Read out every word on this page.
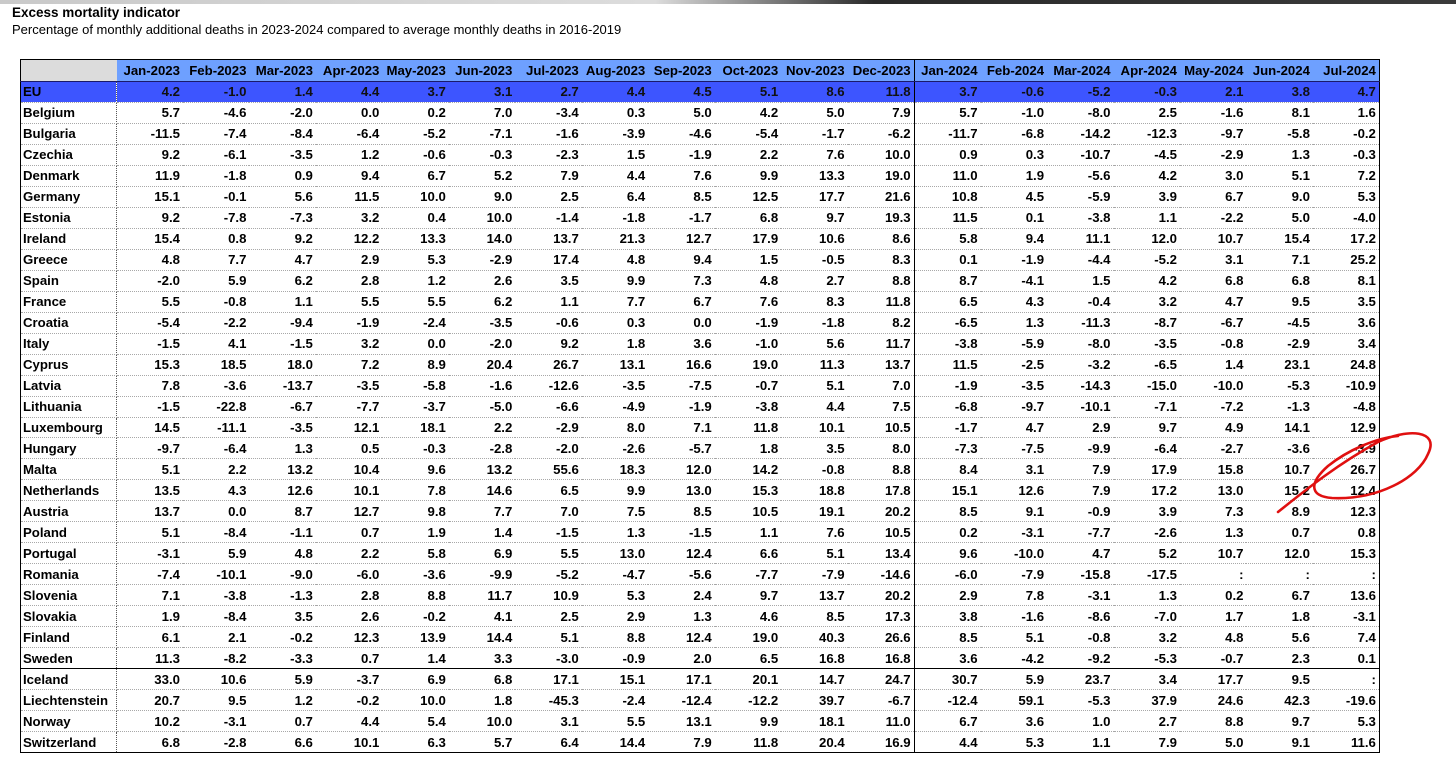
Excess mortality indicator
Percentage of monthly additional deaths in 2023-2024 compared to average monthly deaths in 2016-2019
	Jan-2023	Feb-2023	Mar-2023	Apr-2023	May-2023	Jun-2023	Jul-2023	Aug-2023	Sep-2023	Oct-2023	Nov-2023	Dec-2023	Jan-2024	Feb-2024	Mar-2024	Apr-2024	May-2024	Jun-2024	Jul-2024
EU	4.2	-1.0	1.4	4.4	3.7	3.1	2.7	4.4	4.5	5.1	8.6	11.8	3.7	-0.6	-5.2	-0.3	2.1	3.8	4.7
Belgium	5.7	-4.6	-2.0	0.0	0.2	7.0	-3.4	0.3	5.0	4.2	5.0	7.9	5.7	-1.0	-8.0	2.5	-1.6	8.1	1.6
Bulgaria	-11.5	-7.4	-8.4	-6.4	-5.2	-7.1	-1.6	-3.9	-4.6	-5.4	-1.7	-6.2	-11.7	-6.8	-14.2	-12.3	-9.7	-5.8	-0.2
Czechia	9.2	-6.1	-3.5	1.2	-0.6	-0.3	-2.3	1.5	-1.9	2.2	7.6	10.0	0.9	0.3	-10.7	-4.5	-2.9	1.3	-0.3
Denmark	11.9	-1.8	0.9	9.4	6.7	5.2	7.9	4.4	7.6	9.9	13.3	19.0	11.0	1.9	-5.6	4.2	3.0	5.1	7.2
Germany	15.1	-0.1	5.6	11.5	10.0	9.0	2.5	6.4	8.5	12.5	17.7	21.6	10.8	4.5	-5.9	3.9	6.7	9.0	5.3
Estonia	9.2	-7.8	-7.3	3.2	0.4	10.0	-1.4	-1.8	-1.7	6.8	9.7	19.3	11.5	0.1	-3.8	1.1	-2.2	5.0	-4.0
Ireland	15.4	0.8	9.2	12.2	13.3	14.0	13.7	21.3	12.7	17.9	10.6	8.6	5.8	9.4	11.1	12.0	10.7	15.4	17.2
Greece	4.8	7.7	4.7	2.9	5.3	-2.9	17.4	4.8	9.4	1.5	-0.5	8.3	0.1	-1.9	-4.4	-5.2	3.1	7.1	25.2
Spain	-2.0	5.9	6.2	2.8	1.2	2.6	3.5	9.9	7.3	4.8	2.7	8.8	8.7	-4.1	1.5	4.2	6.8	6.8	8.1
France	5.5	-0.8	1.1	5.5	5.5	6.2	1.1	7.7	6.7	7.6	8.3	11.8	6.5	4.3	-0.4	3.2	4.7	9.5	3.5
Croatia	-5.4	-2.2	-9.4	-1.9	-2.4	-3.5	-0.6	0.3	0.0	-1.9	-1.8	8.2	-6.5	1.3	-11.3	-8.7	-6.7	-4.5	3.6
Italy	-1.5	4.1	-1.5	3.2	0.0	-2.0	9.2	1.8	3.6	-1.0	5.6	11.7	-3.8	-5.9	-8.0	-3.5	-0.8	-2.9	3.4
Cyprus	15.3	18.5	18.0	7.2	8.9	20.4	26.7	13.1	16.6	19.0	11.3	13.7	11.5	-2.5	-3.2	-6.5	1.4	23.1	24.8
Latvia	7.8	-3.6	-13.7	-3.5	-5.8	-1.6	-12.6	-3.5	-7.5	-0.7	5.1	7.0	-1.9	-3.5	-14.3	-15.0	-10.0	-5.3	-10.9
Lithuania	-1.5	-22.8	-6.7	-7.7	-3.7	-5.0	-6.6	-4.9	-1.9	-3.8	4.4	7.5	-6.8	-9.7	-10.1	-7.1	-7.2	-1.3	-4.8
Luxembourg	14.5	-11.1	-3.5	12.1	18.1	2.2	-2.9	8.0	7.1	11.8	10.1	10.5	-1.7	4.7	2.9	9.7	4.9	14.1	12.9
Hungary	-9.7	-6.4	1.3	0.5	-0.3	-2.8	-2.0	-2.6	-5.7	1.8	3.5	8.0	-7.3	-7.5	-9.9	-6.4	-2.7	-3.6	-3.9
Malta	5.1	2.2	13.2	10.4	9.6	13.2	55.6	18.3	12.0	14.2	-0.8	8.8	8.4	3.1	7.9	17.9	15.8	10.7	26.7
Netherlands	13.5	4.3	12.6	10.1	7.8	14.6	6.5	9.9	13.0	15.3	18.8	17.8	15.1	12.6	7.9	17.2	13.0	15.2	12.4
Austria	13.7	0.0	8.7	12.7	9.8	7.7	7.0	7.5	8.5	10.5	19.1	20.2	8.5	9.1	-0.9	3.9	7.3	8.9	12.3
Poland	5.1	-8.4	-1.1	0.7	1.9	1.4	-1.5	1.3	-1.5	1.1	7.6	10.5	0.2	-3.1	-7.7	-2.6	1.3	0.7	0.8
Portugal	-3.1	5.9	4.8	2.2	5.8	6.9	5.5	13.0	12.4	6.6	5.1	13.4	9.6	-10.0	4.7	5.2	10.7	12.0	15.3
Romania	-7.4	-10.1	-9.0	-6.0	-3.6	-9.9	-5.2	-4.7	-5.6	-7.7	-7.9	-14.6	-6.0	-7.9	-15.8	-17.5	:	:	:
Slovenia	7.1	-3.8	-1.3	2.8	8.8	11.7	10.9	5.3	2.4	9.7	13.7	20.2	2.9	7.8	-3.1	1.3	0.2	6.7	13.6
Slovakia	1.9	-8.4	3.5	2.6	-0.2	4.1	2.5	2.9	1.3	4.6	8.5	17.3	3.8	-1.6	-8.6	-7.0	1.7	1.8	-3.1
Finland	6.1	2.1	-0.2	12.3	13.9	14.4	5.1	8.8	12.4	19.0	40.3	26.6	8.5	5.1	-0.8	3.2	4.8	5.6	7.4
Sweden	11.3	-8.2	-3.3	0.7	1.4	3.3	-3.0	-0.9	2.0	6.5	16.8	16.8	3.6	-4.2	-9.2	-5.3	-0.7	2.3	0.1
Iceland	33.0	10.6	5.9	-3.7	6.9	6.8	17.1	15.1	17.1	20.1	14.7	24.7	30.7	5.9	23.7	3.4	17.7	9.5	:
Liechtenstein	20.7	9.5	1.2	-0.2	10.0	1.8	-45.3	-2.4	-12.4	-12.2	39.7	-6.7	-12.4	59.1	-5.3	37.9	24.6	42.3	-19.6
Norway	10.2	-3.1	0.7	4.4	5.4	10.0	3.1	5.5	13.1	9.9	18.1	11.0	6.7	3.6	1.0	2.7	8.8	9.7	5.3
Switzerland	6.8	-2.8	6.6	10.1	6.3	5.7	6.4	14.4	7.9	11.8	20.4	16.9	4.4	5.3	1.1	7.9	5.0	9.1	11.6
